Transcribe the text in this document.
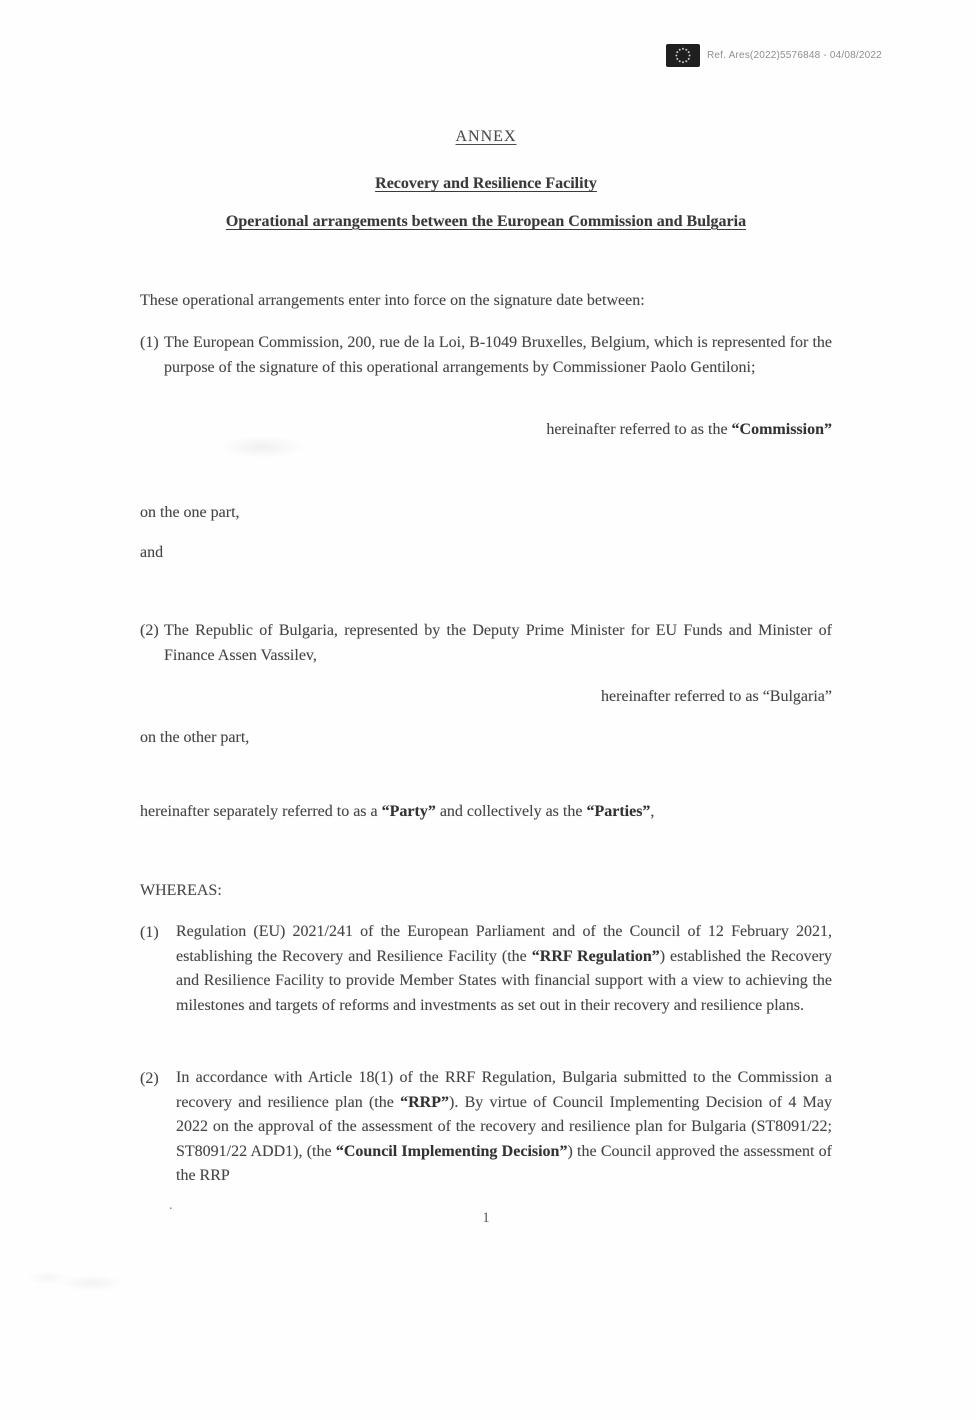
Ref. Ares(2022)5576848 - 04/08/2022
ANNEX
Recovery and Resilience Facility
Operational arrangements between the European Commission and Bulgaria
These operational arrangements enter into force on the signature date between:
(1) The European Commission, 200, rue de la Loi, B-1049 Bruxelles, Belgium, which is represented for the purpose of the signature of this operational arrangements by Commissioner Paolo Gentiloni;
hereinafter referred to as the “Commission”
on the one part,
and
(2) The Republic of Bulgaria, represented by the Deputy Prime Minister for EU Funds and Minister of Finance Assen Vassilev,
hereinafter referred to as “Bulgaria”
on the other part,
hereinafter separately referred to as a “Party” and collectively as the “Parties”,
WHEREAS:
(1)	Regulation (EU) 2021/241 of the European Parliament and of the Council of 12 February 2021, establishing the Recovery and Resilience Facility (the “RRF Regulation”) established the Recovery and Resilience Facility to provide Member States with financial support with a view to achieving the milestones and targets of reforms and investments as set out in their recovery and resilience plans.
(2)	In accordance with Article 18(1) of the RRF Regulation, Bulgaria submitted to the Commission a recovery and resilience plan (the “RRP”). By virtue of Council Implementing Decision of 4 May 2022 on the approval of the assessment of the recovery and resilience plan for Bulgaria (ST8091/22; ST8091/22 ADD1), (the “Council Implementing Decision”) the Council approved the assessment of the RRP
.
1
